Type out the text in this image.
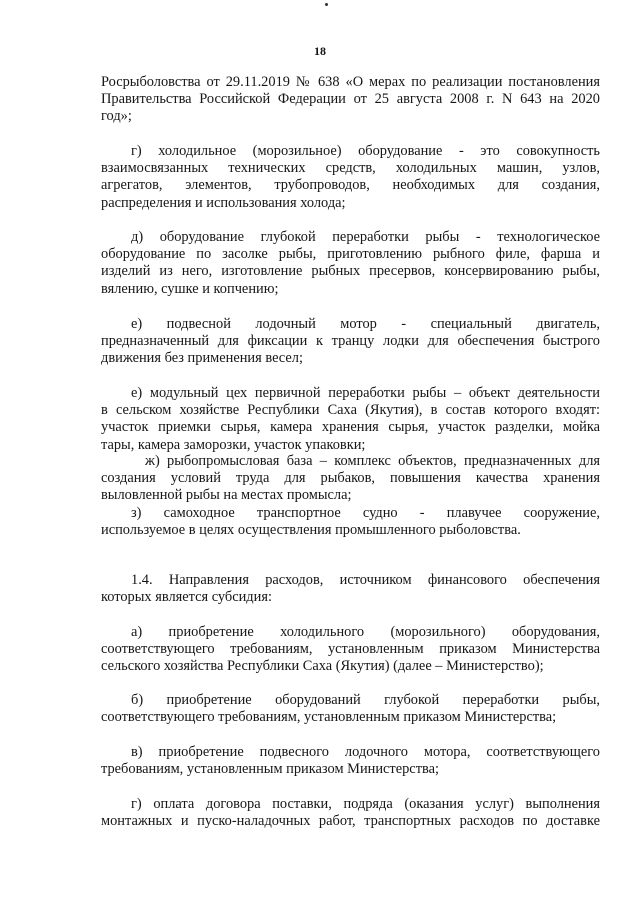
18
Росрыболовства от 29.11.2019 № 638 «О мерах по реализации постановления
Правительства Российской Федерации от 25 августа 2008 г. N 643 на 2020
год»;
г) холодильное (морозильное) оборудование - это совокупность
взаимосвязанных технических средств, холодильных машин, узлов,
агрегатов, элементов, трубопроводов, необходимых для создания,
распределения и использования холода;
д) оборудование глубокой переработки рыбы - технологическое
оборудование по засолке рыбы, приготовлению рыбного филе, фарша и
изделий из него, изготовление рыбных пресервов, консервированию рыбы,
вялению, сушке и копчению;
е) подвесной лодочный мотор - специальный двигатель,
предназначенный для фиксации к транцу лодки для обеспечения быстрого
движения без применения весел;
е) модульный цех первичной переработки рыбы – объект деятельности
в сельском хозяйстве Республики Саха (Якутия), в состав которого входят:
участок приемки сырья, камера хранения сырья, участок разделки, мойка
тары, камера заморозки, участок упаковки;
ж) рыбопромысловая база – комплекс объектов, предназначенных для
создания условий труда для рыбаков, повышения качества хранения
выловленной рыбы на местах промысла;
з) самоходное транспортное судно - плавучее сооружение,
используемое в целях осуществления промышленного рыболовства.
1.4. Направления расходов, источником финансового обеспечения
которых является субсидия:
а) приобретение холодильного (морозильного) оборудования,
соответствующего требованиям, установленным приказом Министерства
сельского хозяйства Республики Саха (Якутия) (далее – Министерство);
б) приобретение оборудований глубокой переработки рыбы,
соответствующего требованиям, установленным приказом Министерства;
в) приобретение подвесного лодочного мотора, соответствующего
требованиям, установленным приказом Министерства;
г) оплата договора поставки, подряда (оказания услуг) выполнения
монтажных и пуско-наладочных работ, транспортных расходов по доставке
